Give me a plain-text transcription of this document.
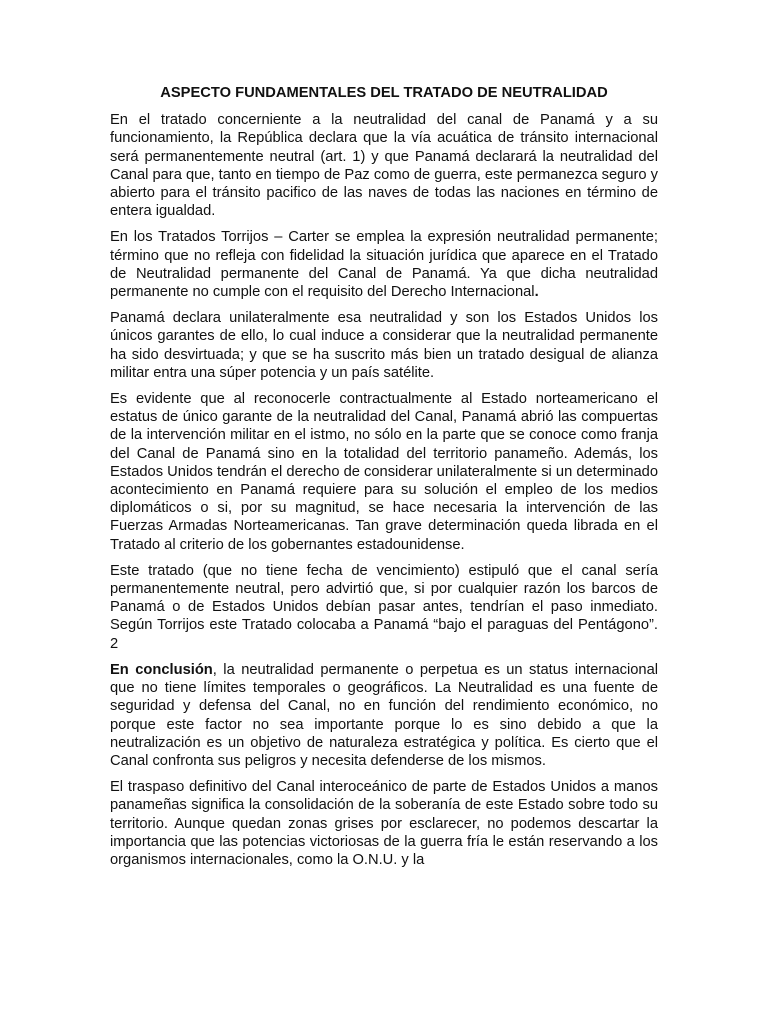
ASPECTO FUNDAMENTALES DEL TRATADO DE NEUTRALIDAD

En el tratado concerniente a la neutralidad del canal de Panamá y a su funcionamiento, la República declara que la vía acuática de tránsito internacional será permanentemente neutral (art. 1) y que Panamá declarará la neutralidad del Canal para que, tanto en tiempo de Paz como de guerra, este permanezca seguro y abierto para el tránsito pacifico de las naves de todas las naciones en término de entera igualdad.

En los Tratados Torrijos – Carter se emplea la expresión neutralidad permanente; término que no refleja con fidelidad la situación jurídica que aparece en el Tratado de Neutralidad permanente del Canal de Panamá. Ya que dicha neutralidad permanente no cumple con el requisito del Derecho Internacional.

Panamá declara unilateralmente esa neutralidad y son los Estados Unidos los únicos garantes de ello, lo cual induce a considerar que la neutralidad permanente ha sido desvirtuada; y que se ha suscrito más bien un tratado desigual de alianza militar entra una súper potencia y un país satélite.

Es evidente que al reconocerle contractualmente al Estado norteamericano el estatus de único garante de la neutralidad del Canal, Panamá abrió las compuertas de la intervención militar en el istmo, no sólo en la parte que se conoce como franja del Canal de Panamá sino en la totalidad del territorio panameño. Además, los Estados Unidos tendrán el derecho de considerar unilateralmente si un determinado acontecimiento en Panamá requiere para su solución el empleo de los medios diplomáticos o si, por su magnitud, se hace necesaria la intervención de las Fuerzas Armadas Norteamericanas. Tan grave determinación queda librada en el Tratado al criterio de los gobernantes estadounidense.

Este tratado (que no tiene fecha de vencimiento) estipuló que el canal sería permanentemente neutral, pero advirtió que, si por cualquier razón los barcos de Panamá o de Estados Unidos debían pasar antes, tendrían el paso inmediato. Según Torrijos este Tratado colocaba a Panamá “bajo el paraguas del Pentágono”. 2

En conclusión, la neutralidad permanente o perpetua es un status internacional que no tiene límites temporales o geográficos. La Neutralidad es una fuente de seguridad y defensa del Canal, no en función del rendimiento económico, no porque este factor no sea importante porque lo es sino debido a que la neutralización es un objetivo de naturaleza estratégica y política. Es cierto que el Canal confronta sus peligros y necesita defenderse de los mismos.

El traspaso definitivo del Canal interoceánico de parte de Estados Unidos a manos panameñas significa la consolidación de la soberanía de este Estado sobre todo su territorio. Aunque quedan zonas grises por esclarecer, no podemos descartar la importancia que las potencias victoriosas de la guerra fría le están reservando a los organismos internacionales, como la O.N.U. y la
